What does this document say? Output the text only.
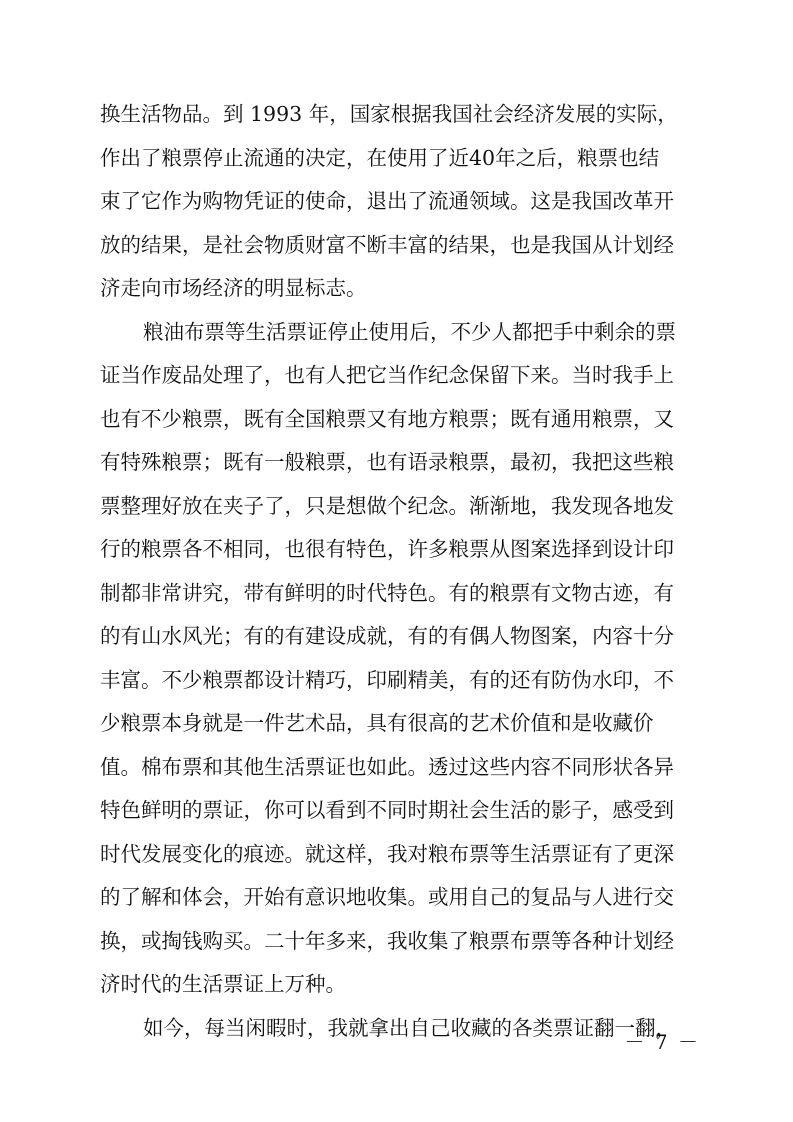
换生活物品。到 1993 年，国家根据我国社会经济发展的实际，
作出了粮票停止流通的决定，在使用了近40年之后，粮票也结
束了它作为购物凭证的使命，退出了流通领域。这是我国改革开
放的结果，是社会物质财富不断丰富的结果，也是我国从计划经
济走向市场经济的明显标志。
粮油布票等生活票证停止使用后，不少人都把手中剩余的票
证当作废品处理了，也有人把它当作纪念保留下来。当时我手上
也有不少粮票，既有全国粮票又有地方粮票；既有通用粮票，又
有特殊粮票；既有一般粮票，也有语录粮票，最初，我把这些粮
票整理好放在夹子了，只是想做个纪念。渐渐地，我发现各地发
行的粮票各不相同，也很有特色，许多粮票从图案选择到设计印
制都非常讲究，带有鲜明的时代特色。有的粮票有文物古迹，有
的有山水风光；有的有建设成就，有的有偶人物图案，内容十分
丰富。不少粮票都设计精巧，印刷精美，有的还有防伪水印，不
少粮票本身就是一件艺术品，具有很高的艺术价值和是收藏价
值。棉布票和其他生活票证也如此。透过这些内容不同形状各异
特色鲜明的票证，你可以看到不同时期社会生活的影子，感受到
时代发展变化的痕迹。就这样，我对粮布票等生活票证有了更深
的了解和体会，开始有意识地收集。或用自己的复品与人进行交
换，或掏钱购买。二十年多来，我收集了粮票布票等各种计划经
济时代的生活票证上万种。
如今，每当闲暇时，我就拿出自己收藏的各类票证翻一翻，
－ 7 －
